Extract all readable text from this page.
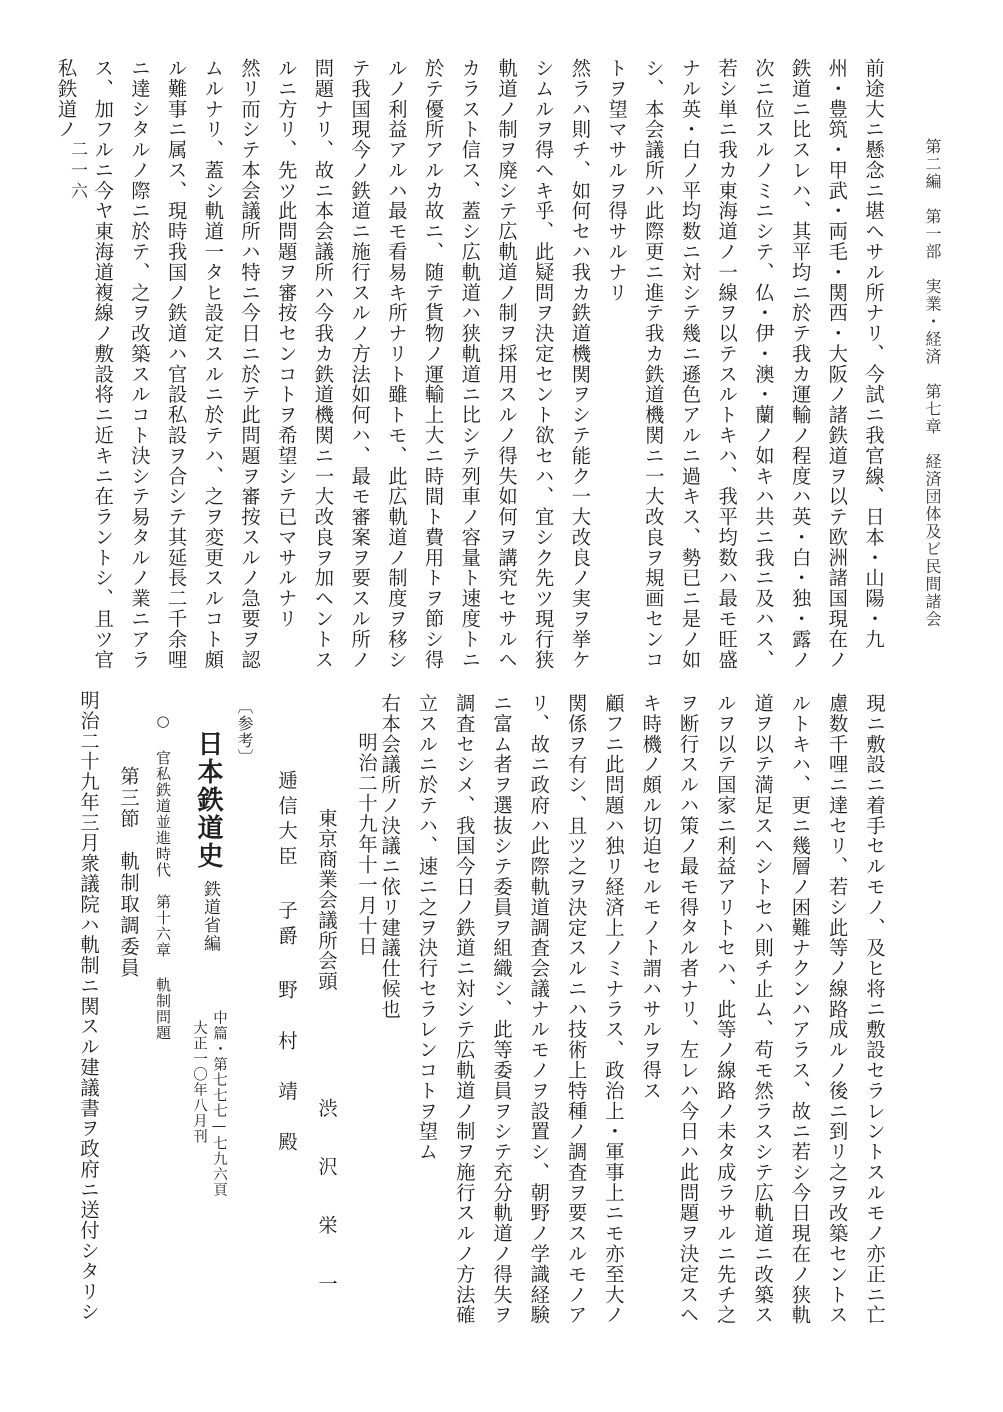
第二編　第一部　実業・経済　第七章　経済団体及ビ民間諸会
二一六	前途大ニ懸念ニ堪ヘサル所ナリ、今試ニ我官線、日本・山陽・九州・豊筑・甲武・両毛・関西・大阪ノ諸鉄道ヲ以テ欧洲諸国現在ノ鉄道ニ比スレハ、其平均ニ於テ我カ運輸ノ程度ハ英・白・独・露ノ次ニ位スルノミニシテ、仏・伊・澳・蘭ノ如キハ共ニ我ニ及ハス、若シ単ニ我カ東海道ノ一線ヲ以テスルトキハ、我平均数ハ最モ旺盛ナル英・白ノ平均数ニ対シテ幾ニ遜色アルニ過キス、勢已ニ是ノ如シ、本会議所ハ此際更ニ進テ我カ鉄道機関ニ一大改良ヲ規画センコトヲ望マサルヲ得サルナリ

然ラハ則チ、如何セハ我カ鉄道機関ヲシテ能ク一大改良ノ実ヲ挙ケシムルヲ得ヘキ乎、此疑問ヲ決定セント欲セハ、宜シク先ツ現行狭軌道ノ制ヲ廃シテ広軌道ノ制ヲ採用スルノ得失如何ヲ講究セサルヘカラスト信ス、蓋シ広軌道ハ狭軌道ニ比シテ列車ノ容量ト速度トニ於テ優所アルカ故ニ、随テ貨物ノ運輸上大ニ時間ト費用トヲ節シ得ルノ利益アルハ最モ看易キ所ナリト雖トモ、此広軌道ノ制度ヲ移シテ我国現今ノ鉄道ニ施行スルノ方法如何ハ、最モ審案ヲ要スル所ノ問題ナリ、故ニ本会議所ハ今我カ鉄道機関ニ一大改良ヲ加ヘントスルニ方リ、先ツ此問題ヲ審按センコトヲ希望シテ已マサルナリ

然リ而シテ本会議所ハ特ニ今日ニ於テ此問題ヲ審按スルノ急要ヲ認ムルナリ、蓋シ軌道一タヒ設定スルニ於テハ、之ヲ変更スルコト頗ル難事ニ属ス、現時我国ノ鉄道ハ官設私設ヲ合シテ其延長二千余哩ニ達シタルノ際ニ於テ、之ヲ改築スルコト決シテ易タルノ業ニアラス、加フルニ今ヤ東海道複線ノ敷設将ニ近キニ在ラントシ、且ツ官私鉄道ノ

現ニ敷設ニ着手セルモノ、及ヒ将ニ敷設セラレントスルモノ亦正ニ亡慮数千哩ニ達セリ、若シ此等ノ線路成ルノ後ニ到リ之ヲ改築セントスルトキハ、更ニ幾層ノ困難ナクンハアラス、故ニ若シ今日現在ノ狭軌道ヲ以テ満足スヘシトセハ則チ止ム、苟モ然ラスシテ広軌道ニ改築スルヲ以テ国家ニ利益アリトセハ、此等ノ線路ノ未タ成ラサルニ先チ之ヲ断行スルハ策ノ最モ得タル者ナリ、左レハ今日ハ此問題ヲ決定スヘキ時機ノ頗ル切迫セルモノト謂ハサルヲ得ス

顧フニ此問題ハ独リ経済上ノミナラス、政治上・軍事上ニモ亦至大ノ関係ヲ有シ、且ツ之ヲ決定スルニハ技術上特種ノ調査ヲ要スルモノアリ、故ニ政府ハ此際軌道調査会議ナルモノヲ設置シ、朝野ノ学識経験ニ富ム者ヲ選抜シテ委員ヲ組織シ、此等委員ヲシテ充分軌道ノ得失ヲ調査セシメ、我国今日ノ鉄道ニ対シテ広軌道ノ制ヲ施行スルノ方法確立スルニ於テハ、速ニ之ヲ決行セラレンコトヲ望ム

右本会議所ノ決議ニ依リ建議仕候也

明治二十九年十一月十日
東京商業会議所会頭
渋　沢　栄　一
逓信大臣 子爵 野　村　靖　殿
〔参考〕
日本鉄道史
鉄道省編
中篇・第七七七—七九六頁
大正一〇年八月刊
○ 官私鉄道並進時代　第十六章 軌制問題
第三節　軌制取調委員
明治二十九年三月衆議院ハ軌制ニ関スル建議書ヲ政府ニ送付シタリシ
